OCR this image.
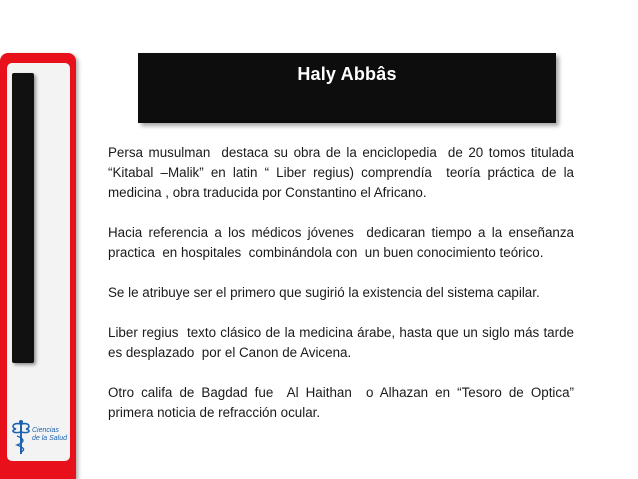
Ciencias
de la Salud
Haly Abbâs

Persa musulman  destaca su obra de la enciclopedia  de 20 tomos titulada  “Kitabal –Malik” en latin “ Liber regius) comprendía  teoría práctica de la medicina , obra traducida por Constantino el Africano.

Hacia referencia a los médicos jóvenes  dedicaran tiempo a la enseñanza practica  en hospitales  combinándola con  un buen conocimiento teórico.

Se le atribuye ser el primero que sugirió la existencia del sistema capilar.

Liber regius  texto clásico de la medicina árabe, hasta que un siglo más tarde es desplazado  por el Canon de Avicena.

Otro califa de Bagdad fue  Al Haithan  o Alhazan en “Tesoro de Optica” primera noticia de refracción ocular.
